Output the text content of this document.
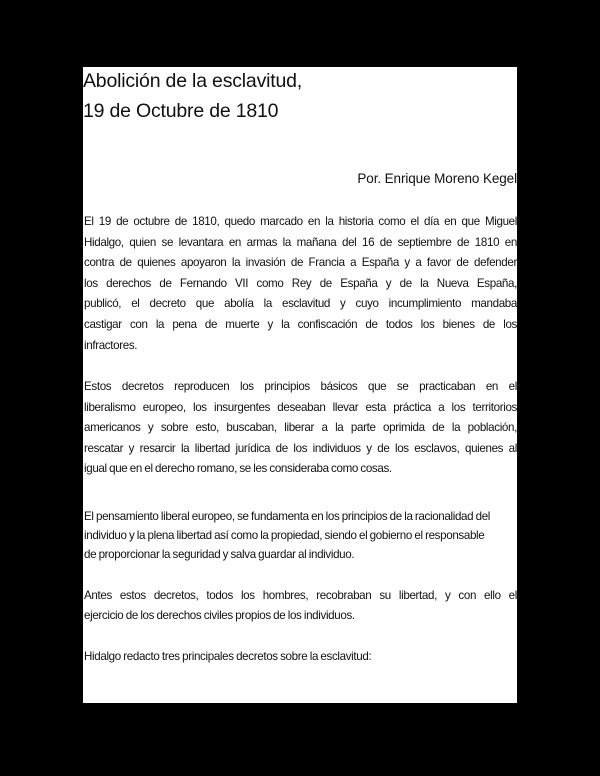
Abolición de la esclavitud,
19 de Octubre de 1810
Por. Enrique Moreno Kegel
El 19 de octubre de 1810, quedo marcado en la historia como el día en que Miguel
Hidalgo, quien se levantara en armas la mañana del 16 de septiembre de 1810 en
contra de quienes apoyaron la invasión de Francia a España y a favor de defender
los derechos de Fernando VII como Rey de España y de la Nueva España,
publicó, el decreto que abolía la esclavitud y cuyo incumplimiento mandaba
castigar con la pena de muerte y la confiscación de todos los bienes de los
infractores.
Estos decretos reproducen los principios básicos que se practicaban en el
liberalismo europeo, los insurgentes deseaban llevar esta práctica a los territorios
americanos y sobre esto, buscaban, liberar a la parte oprimida de la población,
rescatar y resarcir la libertad jurídica de los individuos y de los esclavos, quienes al
igual que en el derecho romano, se les consideraba como cosas.
El pensamiento liberal europeo, se fundamenta en los principios de la racionalidad del
individuo y la plena libertad así como la propiedad, siendo el gobierno el responsable
de proporcionar la seguridad y salva guardar al individuo.
Antes estos decretos, todos los hombres, recobraban su libertad, y con ello el
ejercicio de los derechos civiles propios de los individuos.
Hidalgo redacto tres principales decretos sobre la esclavitud:
